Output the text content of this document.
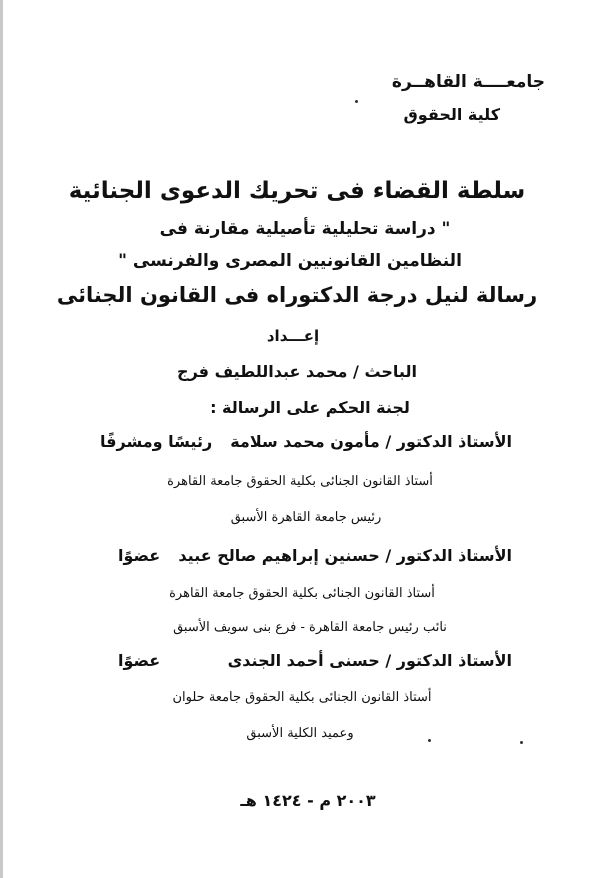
جامعــــة القاهــرة
كلية الحقوق
سلطة القضاء فى تحريك الدعوى الجنائية
" دراسة تحليلية تأصيلية مقارنة فى
النظامين القانونيين المصرى والفرنسى "
رسالة لنيل درجة الدكتوراه فى القانون الجنائى
إعـــداد
الباحث / محمد عبداللطيف فرج
لجنة الحكم على الرسالة :
الأستاذ الدكتور / مأمون محمد سلامة
رئيسًا ومشرفًا
أستاذ القانون الجنائى بكلية الحقوق جامعة القاهرة
رئيس جامعة القاهرة الأسبق
الأستاذ الدكتور / حسنين إبراهيم صالح عبيد
عضوًا
أستاذ القانون الجنائى بكلية الحقوق جامعة القاهرة
نائب رئيس جامعة القاهرة - فرع بنى سويف الأسبق
الأستاذ الدكتور / حسنى أحمد الجندى
عضوًا
أستاذ القانون الجنائى بكلية الحقوق جامعة حلوان
وعميد الكلية الأسبق
٢٠٠٣ م - ١٤٢٤ هـ
